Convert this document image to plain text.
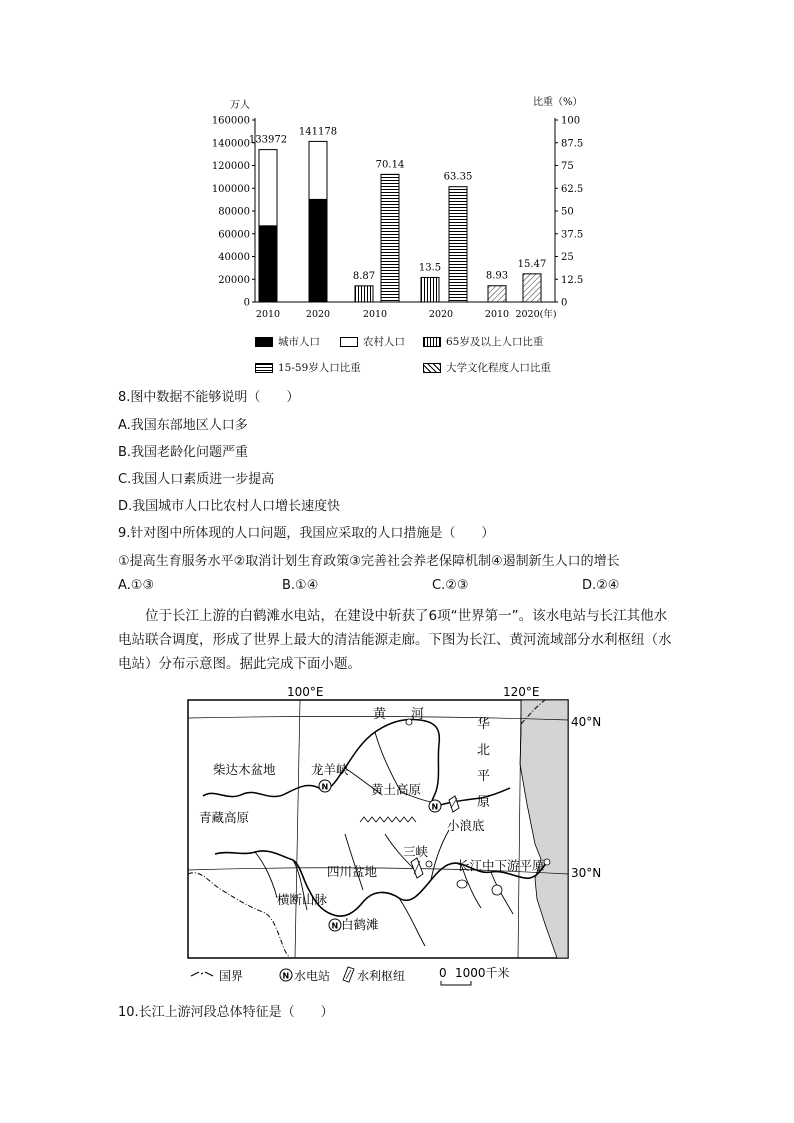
万人	比重（%）
160000
140000
120000
100000
80000
60000
40000
20000
0
100
87.5
75
62.5
50
37.5
25
12.5
0
133972
141178
8.87
70.14
13.5
63.35
8.93
15.47
2010	2020	2010	2020	2010 2020(年)
城市人口	农村人口	65岁及以上人口比重
15-59岁人口比重	大学文化程度人口比重
8.图中数据不能够说明（　　）
A.我国东部地区人口多
B.我国老龄化问题严重
C.我国人口素质进一步提高
D.我国城市人口比农村人口增长速度快
9.针对图中所体现的人口问题，我国应采取的人口措施是（　　）
①提高生育服务水平②取消计划生育政策③完善社会养老保障机制④遏制新生人口的增长
A.①③	B.①④	C.②③	D.②④
位于长江上游的白鹤滩水电站，在建设中斩获了6项“世界第一”。该水电站与长江其他水电站联合调度，形成了世界上最大的清洁能源走廊。下图为长江、黄河流域部分水利枢纽（水电站）分布示意图。据此完成下面小题。
100°E	120°E
40°N
30°N
N
N
N
黄 河
华
北
平
原
柴达木盆地	龙羊峡
黄土高原
青藏高原
小浪底
三峡
四川盆地	长江中下游平原
横断山脉
白鹤滩
国界	N 水电站 水利枢纽	0 1000千米
10.长江上游河段总体特征是（　　）
